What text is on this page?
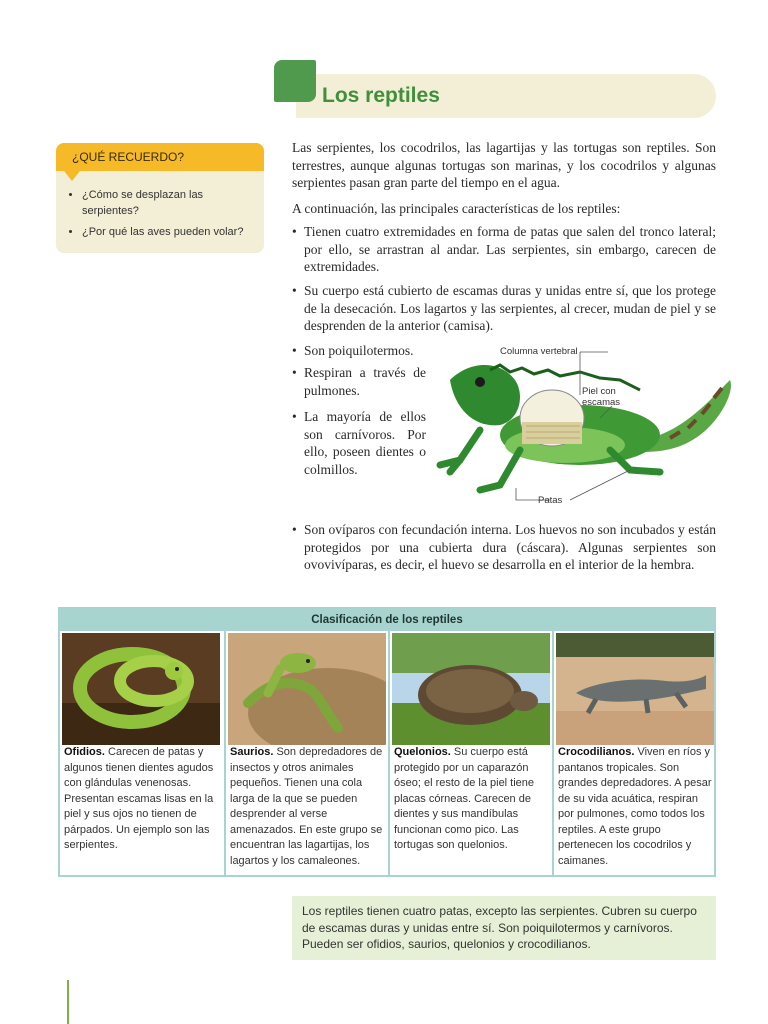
Los reptiles
• ¿Cómo se desplazan las serpientes?
• ¿Por qué las aves pueden volar?
¿QUÉ RECUERDO?

Las serpientes, los cocodrilos, las lagartijas y las tortugas son reptiles. Son terrestres, aunque algunas tortugas son marinas, y los cocodrilos y algunas serpientes pasan gran parte del tiempo en el agua.

A continuación, las principales características de los reptiles:

• Tienen cuatro extremidades en forma de patas que salen del tronco lateral; por ello, se arrastran al andar. Las serpientes, sin embargo, carecen de extremidades.

• Su cuerpo está cubierto de escamas duras y unidas entre sí, que los protege de la desecación. Los lagartos y las serpientes, al crecer, mudan de piel y se desprenden de la anterior (camisa).

• Son poiquilotermos.

• Respiran a través de pulmones.

• La mayoría de ellos son carnívoros. Por ello, poseen dientes o colmillos.

• Son ovíparos con fecundación interna. Los huevos no son incubados y están protegidos por una cubierta dura (cáscara). Algunas serpientes son ovovivíparas, es decir, el huevo se desarrolla en el interior de la hembra.

Columna vertebral
Piel con escamas
Patas
Clasificación de los reptiles
Ofidios. Carecen de patas y algunos tienen dientes agudos con glándulas venenosas. Presentan escamas lisas en la piel y sus ojos no tienen de párpados. Un ejemplo son las serpientes.
Saurios. Son depredadores de insectos y otros animales pequeños. Tienen una cola larga de la que se pueden desprender al verse amenazados. En este grupo se encuentran las lagartijas, los lagartos y los camaleones.
Quelonios. Su cuerpo está protegido por un caparazón óseo; el resto de la piel tiene placas córneas. Carecen de dientes y sus mandíbulas funcionan como pico. Las tortugas son quelonios.
Crocodilianos. Viven en ríos y pantanos tropicales. Son grandes depredadores. A pesar de su vida acuática, respiran por pulmones, como todos los reptiles. A este grupo pertenecen los cocodrilos y caimanes.

Los reptiles tienen cuatro patas, excepto las serpientes. Cubren su cuerpo de escamas duras y unidas entre sí. Son poiquilotermos y carnívoros. Pueden ser ofidios, saurios, quelonios y crocodilianos.
